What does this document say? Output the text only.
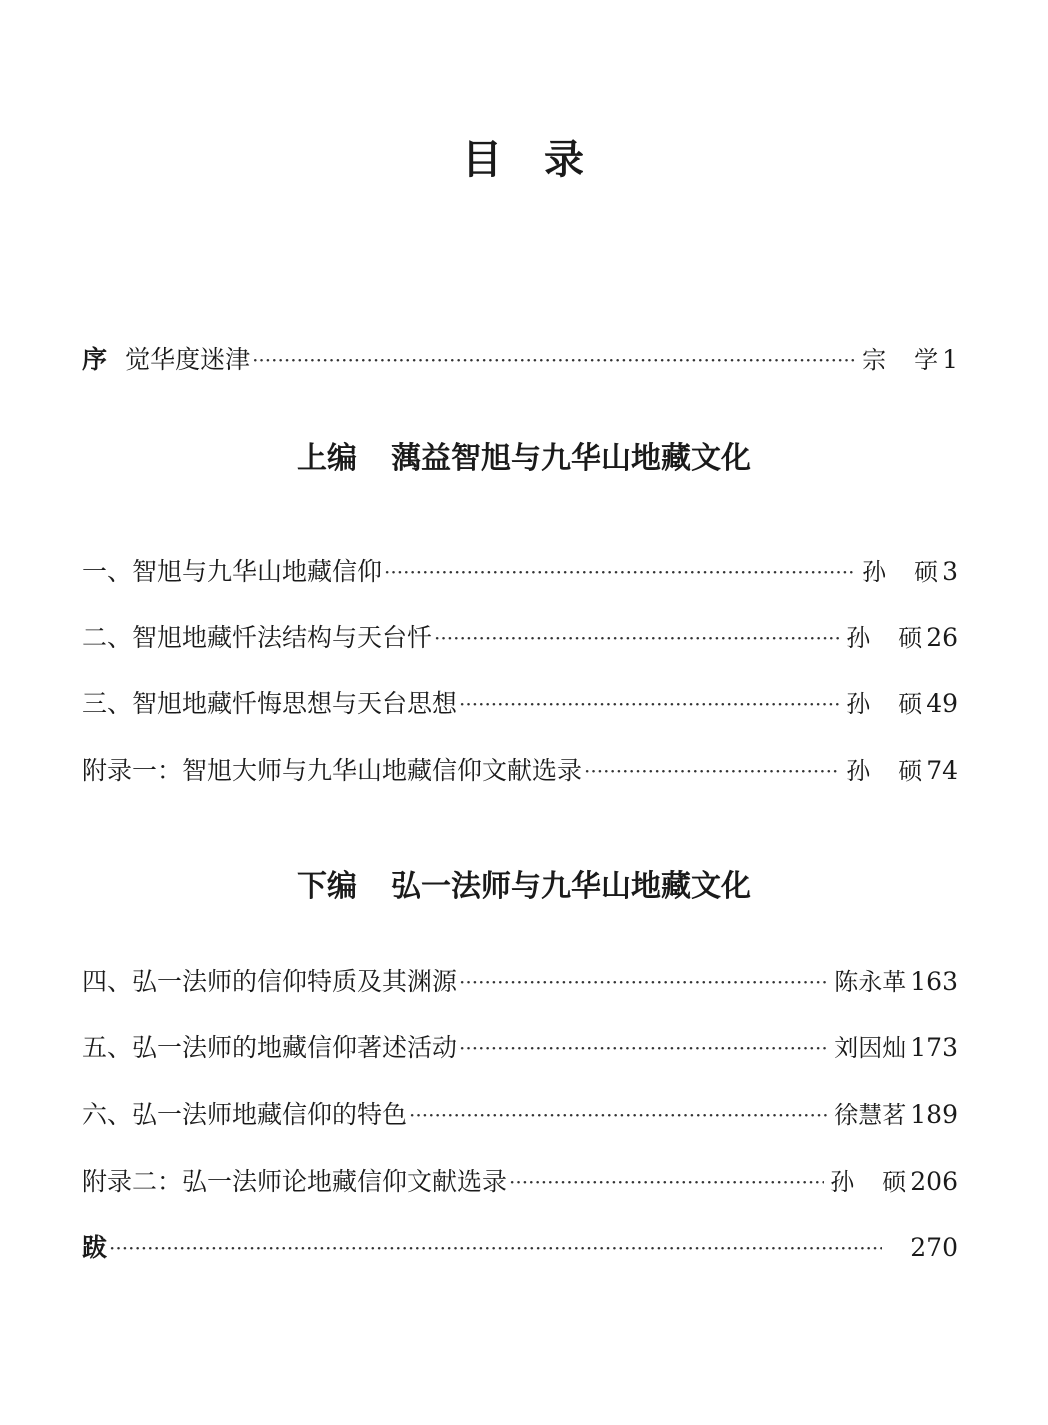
目 录
序 觉华度迷津 ·····	宗 学 1
上编 蕅益智旭与九华山地藏文化
一、智旭与九华山地藏信仰 ·····	孙 硕 3
二、智旭地藏忏法结构与天台忏 ·····	孙 硕 26
三、智旭地藏忏悔思想与天台思想 ·····	孙 硕 49
附录一：智旭大师与九华山地藏信仰文献选录 ·····	孙 硕 74
下编 弘一法师与九华山地藏文化
四、弘一法师的信仰特质及其渊源 ·····	陈永革 163
五、弘一法师的地藏信仰著述活动 ·····	刘因灿 173
六、弘一法师地藏信仰的特色 ·····	徐慧茗 189
附录二：弘一法师论地藏信仰文献选录 ·····	孙 硕 206
跋 ·····	270
